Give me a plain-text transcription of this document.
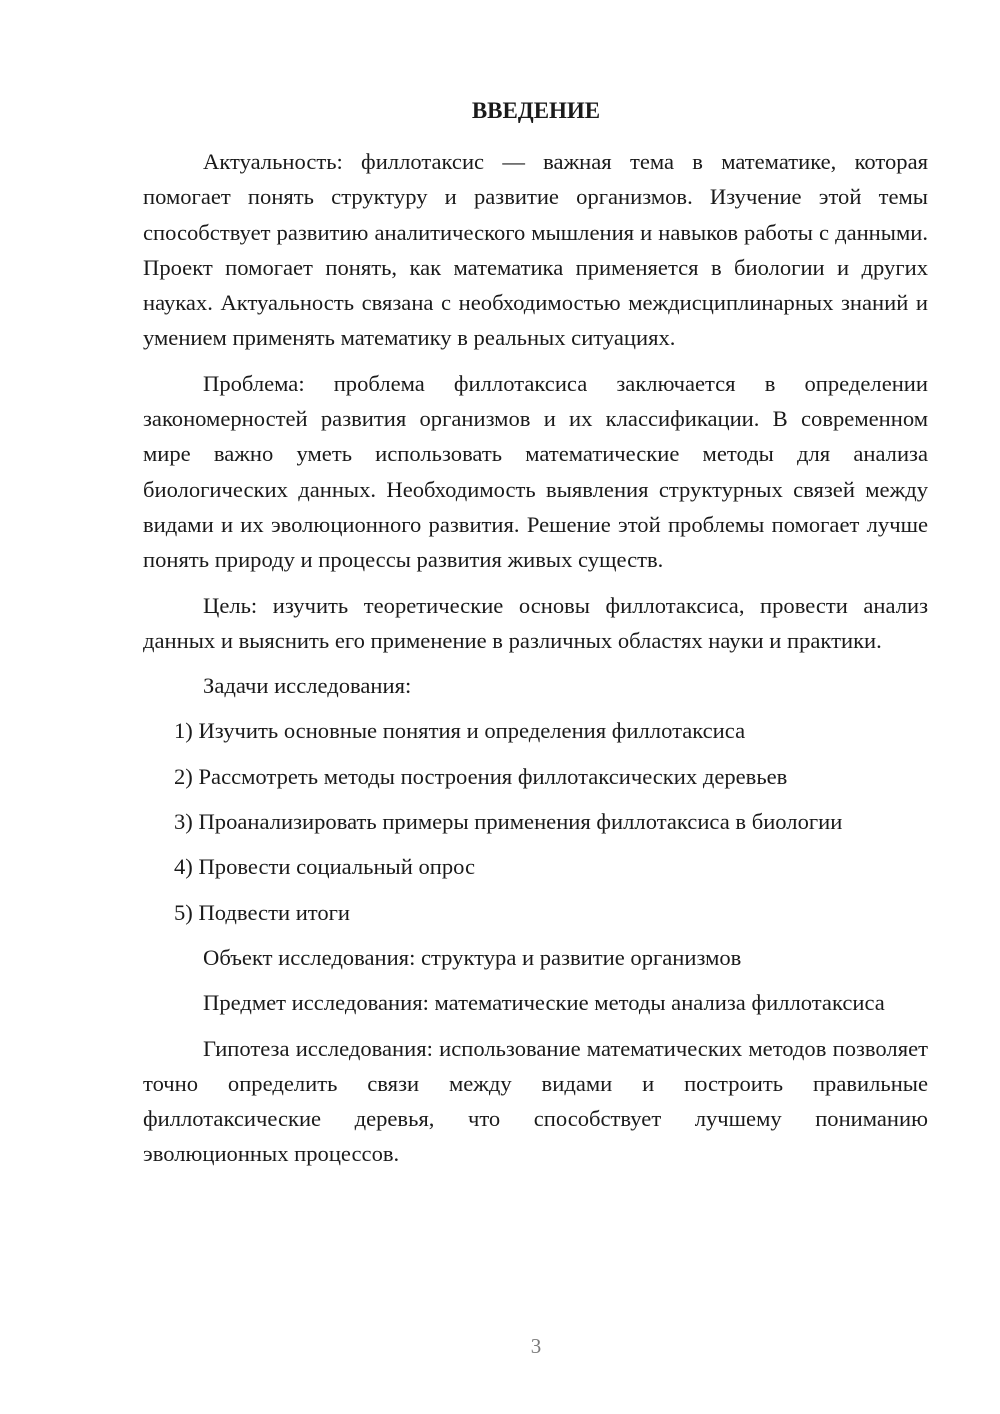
ВВЕДЕНИЕ

Актуальность: филлотаксис — важная тема в математике, которая помогает понять структуру и развитие организмов. Изучение этой темы способствует развитию аналитического мышления и навыков работы с данными. Проект помогает понять, как математика применяется в биологии и других науках. Актуальность связана с необходимостью междисциплинарных знаний и умением применять математику в реальных ситуациях.

Проблема: проблема филлотаксиса заключается в определении закономерностей развития организмов и их классификации. В современном мире важно уметь использовать математические методы для анализа биологических данных. Необходимость выявления структурных связей между видами и их эволюционного развития. Решение этой проблемы помогает лучше понять природу и процессы развития живых существ.

Цель: изучить теоретические основы филлотаксиса, провести анализ данных и выяснить его применение в различных областях науки и практики.

Задачи исследования:

1) Изучить основные понятия и определения филлотаксиса
2) Рассмотреть методы построения филлотаксических деревьев
3) Проанализировать примеры применения филлотаксиса в биологии
4) Провести социальный опрос
5) Подвести итоги

Объект исследования: структура и развитие организмов

Предмет исследования: математические методы анализа филлотаксиса

Гипотеза исследования: использование математических методов позволяет точно определить связи между видами и построить правильные филлотаксические деревья, что способствует лучшему пониманию эволюционных процессов.

3
